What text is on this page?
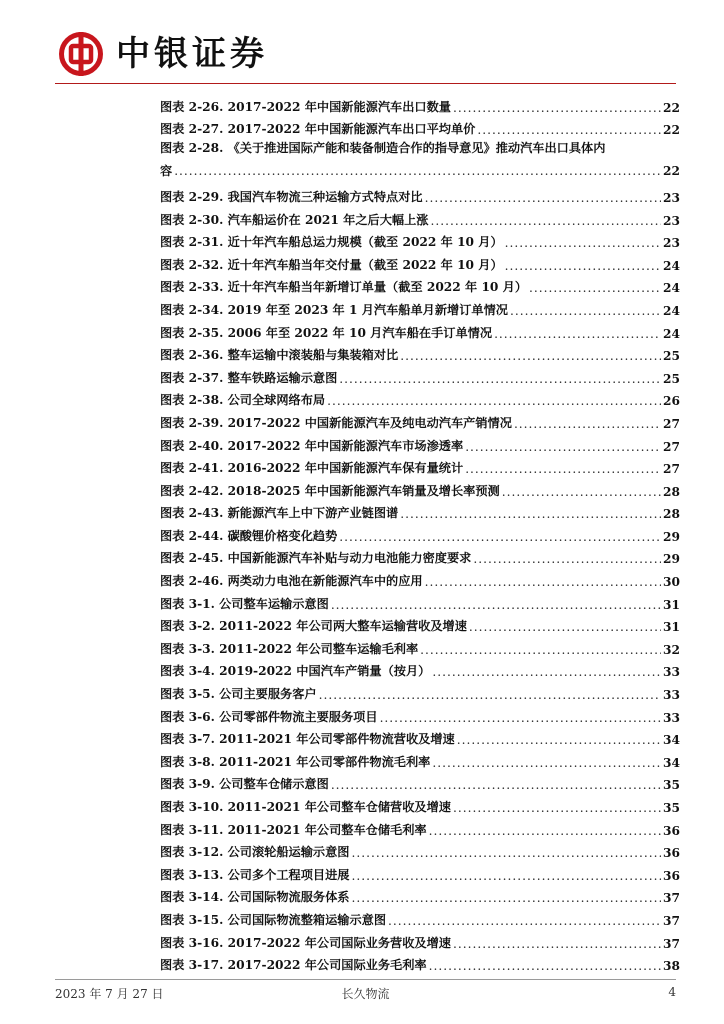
中银证券
图表 2-26. 2017-2022 年中国新能源汽车出口数量 .....	22
图表 2-27. 2017-2022 年中国新能源汽车出口平均单价 .....	22
图表 2-28. 《关于推进国际产能和装备制造合作的指导意见》推动汽车出口具体内
容 .....	22
图表 2-29. 我国汽车物流三种运输方式特点对比 .....	23
图表 2-30. 汽车船运价在 2021 年之后大幅上涨 .....	23
图表 2-31. 近十年汽车船总运力规模（截至 2022 年 10 月） .....	23
图表 2-32. 近十年汽车船当年交付量（截至 2022 年 10 月） .....	24
图表 2-33. 近十年汽车船当年新增订单量（截至 2022 年 10 月） .....	24
图表 2-34. 2019 年至 2023 年 1 月汽车船单月新增订单情况 .....	24
图表 2-35. 2006 年至 2022 年 10 月汽车船在手订单情况 .....	24
图表 2-36. 整车运输中滚装船与集装箱对比 .....	25
图表 2-37. 整车铁路运输示意图 .....	25
图表 2-38. 公司全球网络布局 .....	26
图表 2-39. 2017-2022 中国新能源汽车及纯电动汽车产销情况 .....	27
图表 2-40. 2017-2022 年中国新能源汽车市场渗透率 .....	27
图表 2-41. 2016-2022 年中国新能源汽车保有量统计 .....	27
图表 2-42. 2018-2025 年中国新能源汽车销量及增长率预测 .....	28
图表 2-43. 新能源汽车上中下游产业链图谱 .....	28
图表 2-44. 碳酸锂价格变化趋势 .....	29
图表 2-45. 中国新能源汽车补贴与动力电池能力密度要求 .....	29
图表 2-46. 两类动力电池在新能源汽车中的应用 .....	30
图表 3-1. 公司整车运输示意图 .....	31
图表 3-2. 2011-2022 年公司两大整车运输营收及增速 .....	31
图表 3-3. 2011-2022 年公司整车运输毛利率 .....	32
图表 3-4. 2019-2022 中国汽车产销量（按月） .....	33
图表 3-5. 公司主要服务客户 .....	33
图表 3-6. 公司零部件物流主要服务项目 .....	33
图表 3-7. 2011-2021 年公司零部件物流营收及增速 .....	34
图表 3-8. 2011-2021 年公司零部件物流毛利率 .....	34
图表 3-9. 公司整车仓储示意图 .....	35
图表 3-10. 2011-2021 年公司整车仓储营收及增速 .....	35
图表 3-11. 2011-2021 年公司整车仓储毛利率 .....	36
图表 3-12. 公司滚轮船运输示意图 .....	36
图表 3-13. 公司多个工程项目进展 .....	36
图表 3-14. 公司国际物流服务体系 .....	37
图表 3-15. 公司国际物流整箱运输示意图 .....	37
图表 3-16. 2017-2022 年公司国际业务营收及增速 .....	37
图表 3-17. 2017-2022 年公司国际业务毛利率 .....	38
2023 年 7 月 27 日	长久物流	4
